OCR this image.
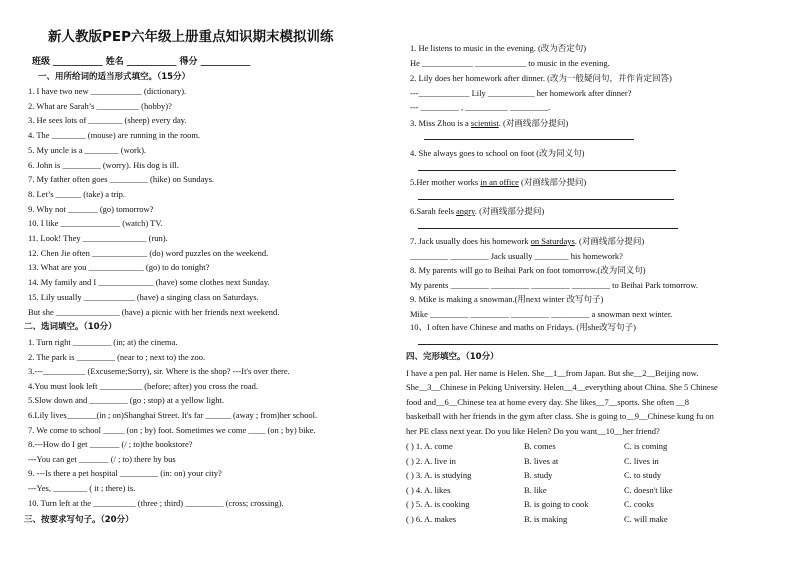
新人教版PEP六年级上册重点知识期末模拟训练
班级 ___________ 姓名 ___________ 得分 ___________
一、用所给词的适当形式填空。（15分）
1. I have two new ____________ (dictionary).
2. What are Sarah’s __________ (hobby)?
3. He sees lots of ________ (sheep) every day.
4. The ________ (mouse) are running in the room.
5. My uncle is a ________ (work).
6. John is _________ (worry). His dog is ill.
7. My father often goes _________ (hike) on Sundays.
8. Let’s ______ (take) a trip.
9. Why not _______ (go) tomorrow?
10. I like ______________ (watch) TV.
11. Look! They _______________ (run).
12. Chen Jie often _____________ (do) word puzzles on the weekend.
13. What are you _____________ (go) to do tonight?
14. My family and I _____________ (have) some clothes next Sunday.
15. Lily usually ____________ (have) a singing class on Saturdays.
But she _______________ (have) a picnic with her friends next weekend.
二、选词填空。（10分）
1. Turn right _________ (in; at) the cinema.
2. The park is _________ (near to ; next to) the zoo.
3.---__________ (Excuseme;Sorry), sir. Where is the shop? ---It's over there.
4.You must look left __________ (before; after) you cross the road.
5.Slow down and _________ (go ; stop) at a yellow light.
6.Lily lives_______(in ; on)Shanghai Street. It's far ______ (away ; from)her school.
7. We come to school _____ (on ; by) foot. Sometimes we come ____ (on ; by) bike.
8.---How do I get _______ (/ ; to)the bookstore?
---You can get _______ (/ ; to) there by bus
9. ---Is there a pet hospital _________ (in: on) your city?
---Yes, ________ ( it ; there) is.
10. Turn left at the __________ (three ; third) _________ (cross; crossing).
三、按要求写句子。（20分）
1. He listens to music in the evening. (改为否定句)
He ____________ ____________ to music in the evening.
2. Lily does her homework after dinner. (改为一般疑问句，并作肯定回答)
---____________ Lily ___________ her homework after dinner?
--- _________ , __________ _________.
3. Miss Zhou is a scientist. (对画线部分提问)
4. She always goes to school on foot (改为同义句)
5.Her mother works in an office (对画线部分提问)
6.Sarah feels angry. (对画线部分提问)
7. Jack usually does his homework on Saturdays. (对画线部分提问)
_________ _________ Jack usually ________ his homework?
8. My parents will go to Beihai Park on foot tomorrow.(改为同义句)
My parents _________ _________ _________ _________ to Beihai Park tomorrow.
9. Mike is making a snowman.(用next winter 改写句子)
Mike _________ _________ _________ _________ a snowman next winter.
10、I often have Chinese and maths on Fridays. (用she改写句子)
四、完形填空。（10分）
I have a pen pal. Her name is Helen. She__1__from Japan. But she__2__Beijing now.
She__3__Chinese in Peking University. Helen__4__everything about China. She 5 Chinese
food and__6__Chinese tea at home every day. She likes__7__sports. She often __8
basketball with her friends in the gym after class. She is going to__9__Chinese kung fu on
her PE class next year. Do you like Helen? Do you want__10__her friend?
( ) 1. A. come	B. comes	C. is coming
( ) 2. A. live in	B. lives at	C. lives in
( ) 3. A. is studying	B. study	C. to study
( ) 4. A. likes	B. like	C. doesn't like
( ) 5. A. is cooking	B. is going to cook	C. cooks
( ) 6. A. makes	B. is making	C. will make
